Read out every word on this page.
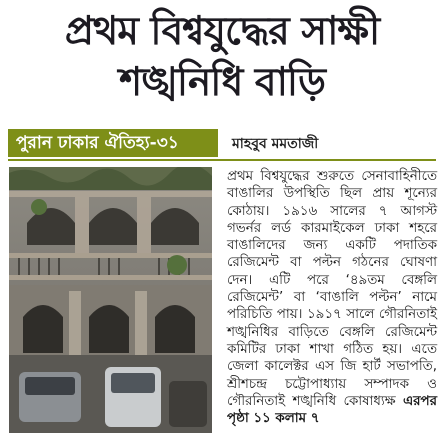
প্রথম বিশ্বযুদ্ধের সাক্ষী
শঙ্খনিধি বাড়ি
পুরান ঢাকার ঐতিহ্য-৩১	মাহবুব মমতাজী
প্রথম বিশ্বযুদ্ধের শুরুতে সেনাবাহিনীতে বাঙালির উপস্থিতি ছিল প্রায় শূন্যের কোঠায়। ১৯১৬ সালের ৭ আগস্ট গভর্নর লর্ড কারমাইকেল ঢাকা শহরে বাঙালিদের জন্য একটি পদাতিক রেজিমেন্ট বা পল্টন গঠনের ঘোষণা দেন। এটি পরে ‘৪৯তম বেঙ্গলি রেজিমেন্ট’ বা ‘বাঙালি পল্টন’ নামে পরিচিতি পায়। ১৯১৭ সালে গৌরনিতাই শঙ্খনিধির বাড়িতে বেঙ্গলি রেজিমেন্ট কমিটির ঢাকা শাখা গঠিত হয়। এতে জেলা কালেক্টর এস জি হার্ট সভাপতি, শ্রীশচন্দ্র চট্টোপাধ্যায় সম্পাদক ও গৌরনিতাই শঙ্খনিধি কোষাধ্যক্ষ এরপর পৃষ্ঠা ১১ কলাম ৭
